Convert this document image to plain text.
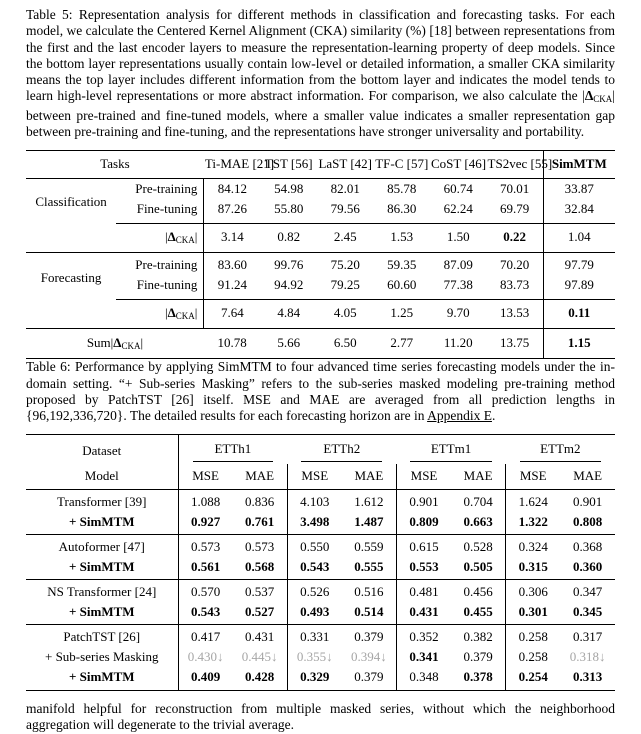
Table 5: Representation analysis for different methods in classification and forecasting tasks. For each model, we calculate the Centered Kernel Alignment (CKA) similarity (%) [18] between representations from the first and the last encoder layers to measure the representation-learning property of deep models. Since the bottom layer representations usually contain low-level or detailed information, a smaller CKA similarity means the top layer includes different information from the bottom layer and indicates the model tends to learn high-level representations or more abstract information. For comparison, we also calculate the $|\Delta_{CKA}|$ between pre-trained and fine-tuned models, where a smaller value indicates a smaller representation gap between pre-training and fine-tuning, and the representations have stronger universality and portability.

Tasks		Ti-MAE [21]	TST [56]	LaST [42]	TF-C [57]	CoST [46]	TS2vec [55]	SimMTM
Classification	Pre-training	84.12	54.98	82.01	85.78	60.74	70.01	33.87
	Fine-tuning	87.26	55.80	79.56	86.30	62.24	69.79	32.84
	$|\Delta_{CKA}|$	3.14	0.82	2.45	1.53	1.50	0.22	1.04
Forecasting	Pre-training	83.60	99.76	75.20	59.35	87.09	70.20	97.79
	Fine-tuning	91.24	94.92	79.25	60.60	77.38	83.73	97.89
	$|\Delta_{CKA}|$	7.64	4.84	4.05	1.25	9.70	13.53	0.11
$Sum|\Delta_{CKA}|$		10.78	5.66	6.50	2.77	11.20	13.75	1.15

Table 6: Performance by applying SimMTM to four advanced time series forecasting models under the in-domain setting. “+ Sub-series Masking” refers to the sub-series masked modeling pre-training method proposed by PatchTST [26] itself. MSE and MAE are averaged from all prediction lengths in {96,192,336,720}. The detailed results for each forecasting horizon are in Appendix E.

Dataset	ETTh1		ETTh2		ETTm1		ETTm2	

Model	MSE	MAE	MSE	MAE	MSE	MAE	MSE	MAE
Transformer [39]	1.088	0.836	4.103	1.612	0.901	0.704	1.624	0.901
+ SimMTM	0.927	0.761	3.498	1.487	0.809	0.663	1.322	0.808
Autoformer [47]	0.573	0.573	0.550	0.559	0.615	0.528	0.324	0.368
+ SimMTM	0.561	0.568	0.543	0.555	0.553	0.505	0.315	0.360
NS Transformer [24]	0.570	0.537	0.526	0.516	0.481	0.456	0.306	0.347
+ SimMTM	0.543	0.527	0.493	0.514	0.431	0.455	0.301	0.345
PatchTST [26]	0.417	0.431	0.331	0.379	0.352	0.382	0.258	0.317
+ Sub-series Masking	0.430↓	0.445↓	0.355↓	0.394↓	0.341	0.379	0.258	0.318↓
+ SimMTM	0.409	0.428	0.329	0.379	0.348	0.378	0.254	0.313

manifold helpful for reconstruction from multiple masked series, without which the neighborhood aggregation will degenerate to the trivial average.
